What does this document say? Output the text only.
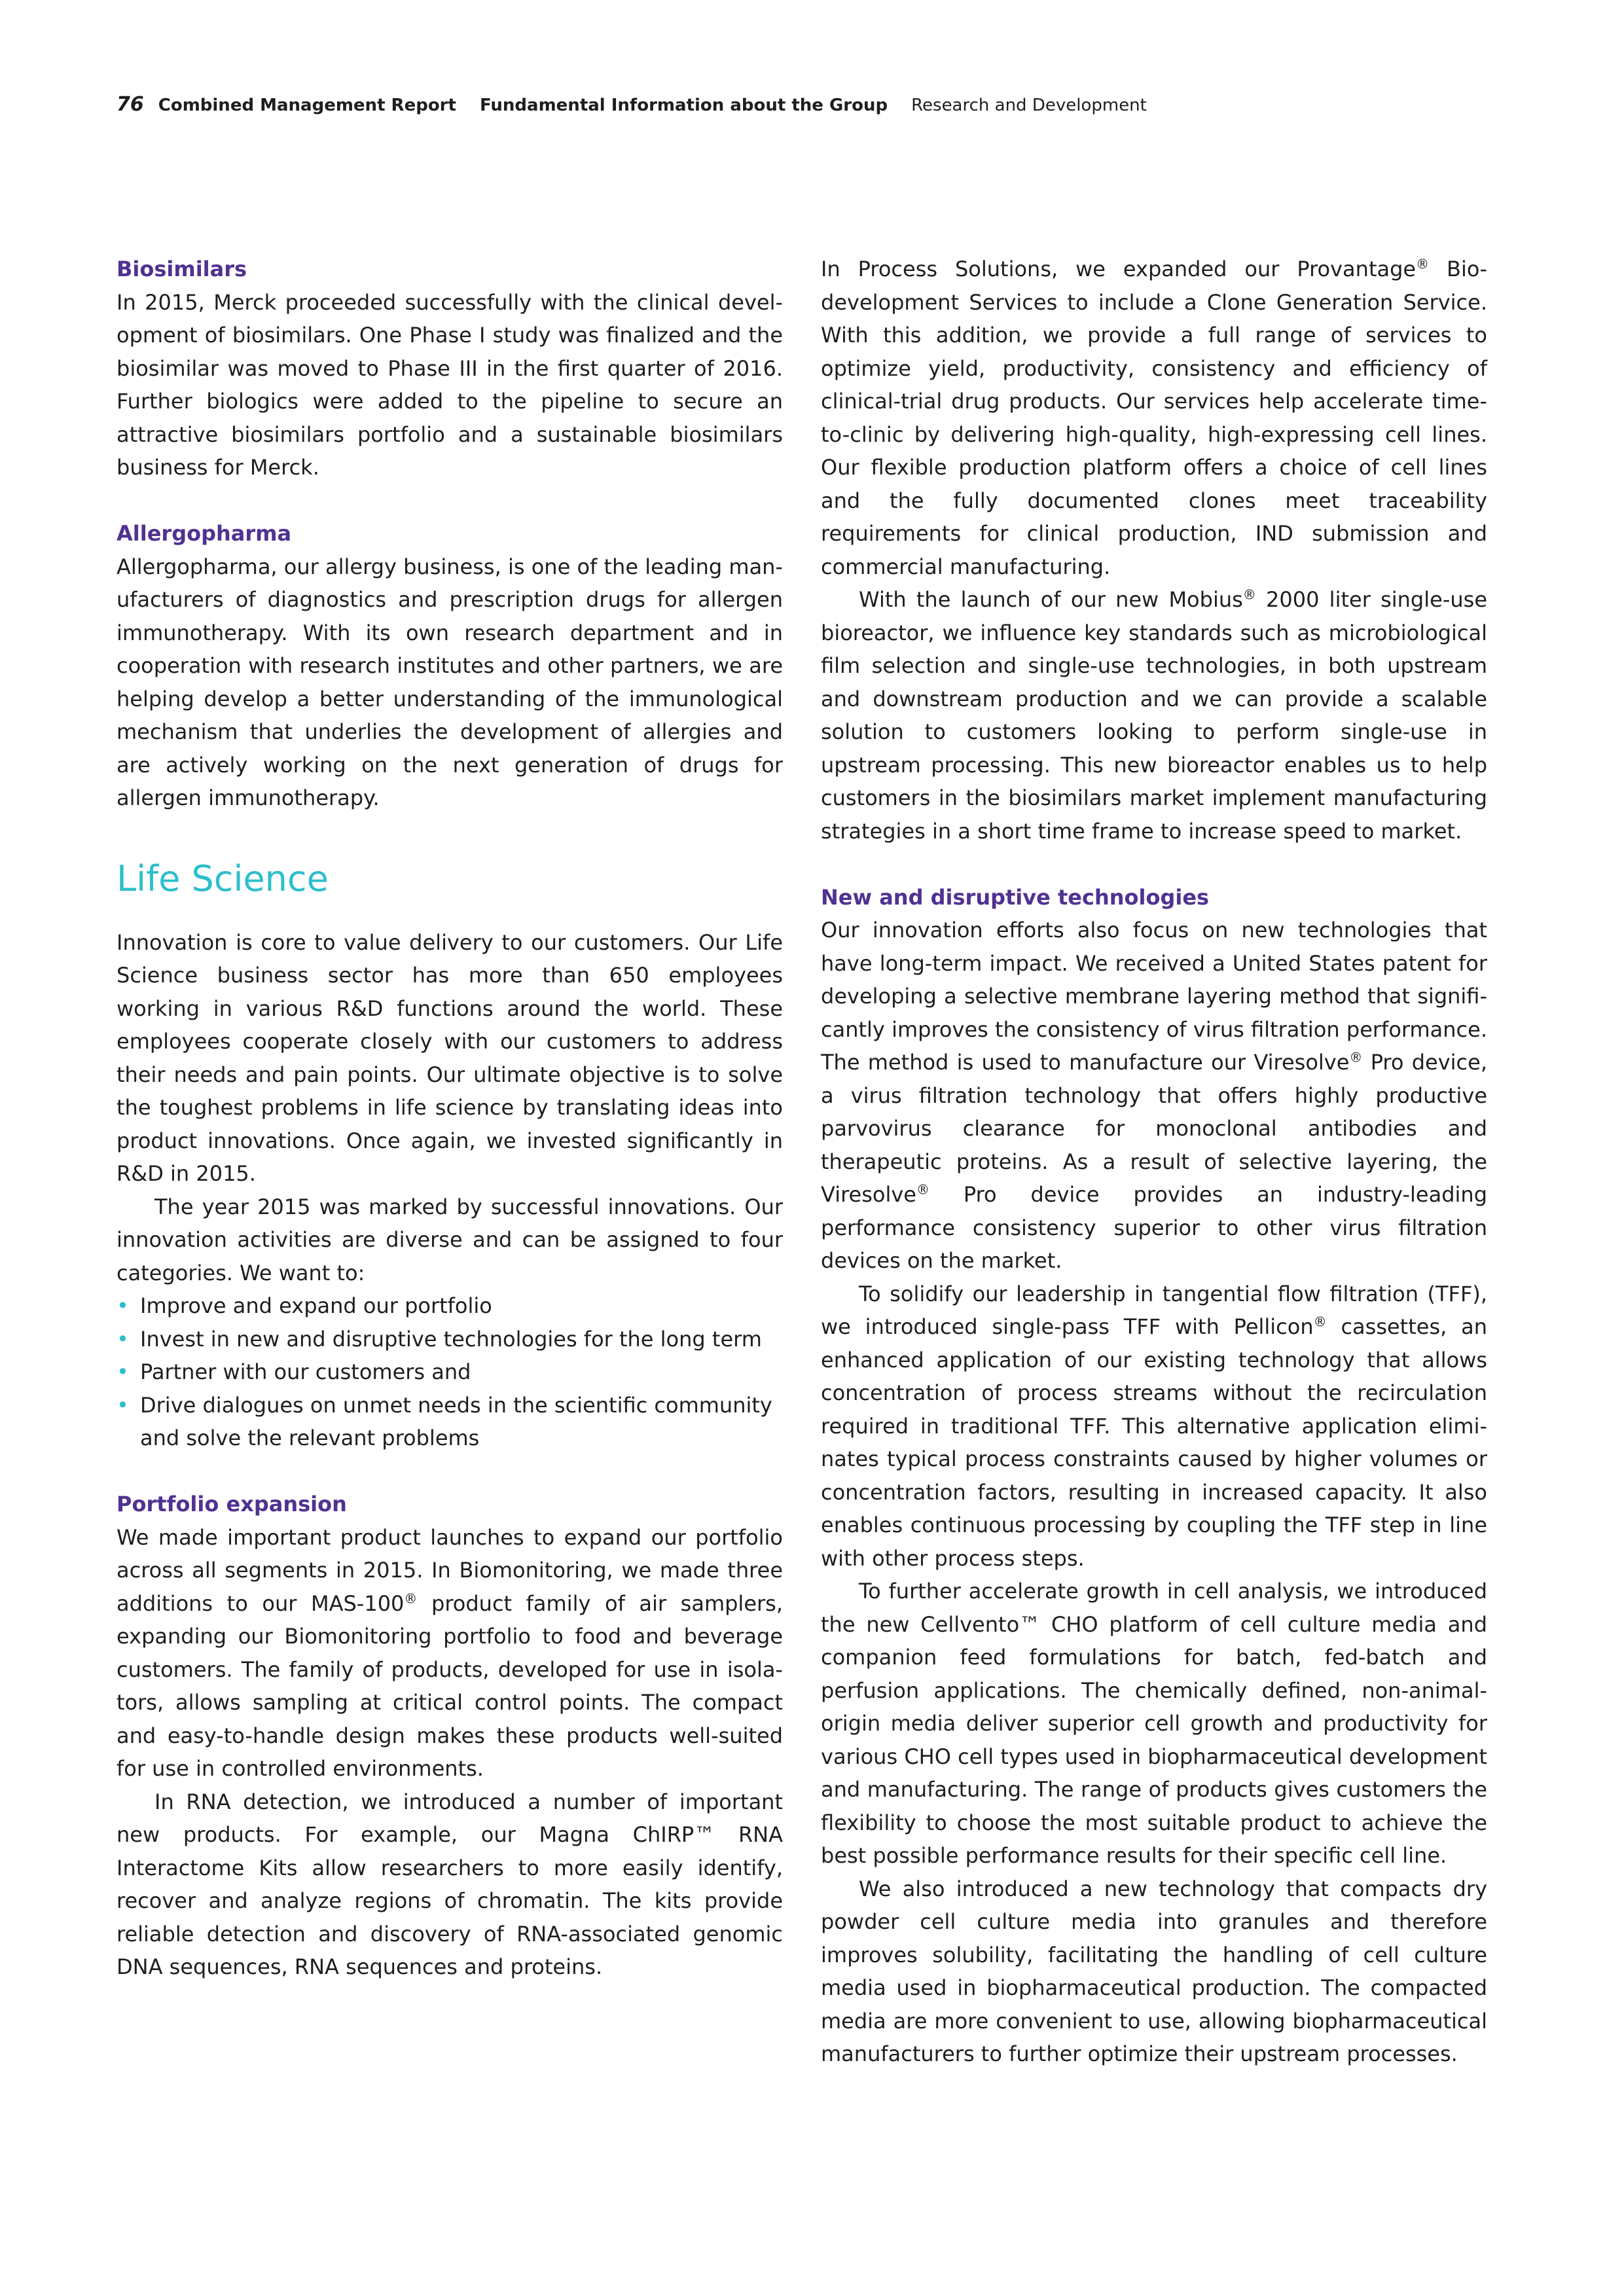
76 Combined Management Report Fundamental Information about the Group Research and Development
Biosimilars

In 2015, Merck proceeded successfully with the clinical development of biosimilars. One Phase I study was finalized and the biosimilar was moved to Phase III in the first quarter of 2016. Further biologics were added to the pipeline to secure an attractive biosimilars portfolio and a sustainable biosimilars business for Merck.

Allergopharma

Allergopharma, our allergy business, is one of the leading manufacturers of diagnostics and prescription drugs for allergen immunotherapy. With its own research department and in cooperation with research institutes and other partners, we are helping develop a better understanding of the immunological mechanism that underlies the development of allergies and are actively working on the next generation of drugs for allergen immunotherapy.

Life Science

Innovation is core to value delivery to our customers. Our Life Science business sector has more than 650 employees working in various R&D functions around the world. These employees cooperate closely with our customers to address their needs and pain points. Our ultimate objective is to solve the toughest problems in life science by translating ideas into product innovations. Once again, we invested significantly in R&D in 2015.

The year 2015 was marked by successful innovations. Our innovation activities are diverse and can be assigned to four categories. We want to:

• Improve and expand our portfolio
• Invest in new and disruptive technologies for the long term
• Partner with our customers and
• Drive dialogues on unmet needs in the scientific community and solve the relevant problems
Portfolio expansion

We made important product launches to expand our portfolio across all segments in 2015. In Biomonitoring, we made three additions to our MAS-100® product family of air samplers, expanding our Biomonitoring portfolio to food and beverage customers. The family of products, developed for use in isolators, allows sampling at critical control points. The compact and easy-to-handle design makes these products well-suited for use in controlled environments.

In RNA detection, we introduced a number of important new products. For example, our Magna ChIRP™ RNA Interactome Kits allow researchers to more easily identify, recover and analyze regions of chromatin. The kits provide reliable detection and discovery of RNA-associated genomic DNA sequences, RNA sequences and proteins.

In Process Solutions, we expanded our Provantage® Biodevelopment Services to include a Clone Generation Service. With this addition, we provide a full range of services to optimize yield, productivity, consistency and efficiency of clinical-trial drug products. Our services help accelerate time-to-clinic by delivering high-quality, high-expressing cell lines. Our flexible production platform offers a choice of cell lines and the fully documented clones meet traceability requirements for clinical production, IND submission and commercial manufacturing.

With the launch of our new Mobius® 2000 liter single-use bioreactor, we influence key standards such as microbiological film selection and single-use technologies, in both upstream and downstream production and we can provide a scalable solution to customers looking to perform single-use in upstream processing. This new bioreactor enables us to help customers in the biosimilars market implement manufacturing strategies in a short time frame to increase speed to market.

New and disruptive technologies

Our innovation efforts also focus on new technologies that have long-term impact. We received a United States patent for developing a selective membrane layering method that significantly improves the consistency of virus filtration performance. The method is used to manufacture our Viresolve® Pro device, a virus filtration technology that offers highly productive parvovirus clearance for monoclonal antibodies and therapeutic proteins. As a result of selective layering, the Viresolve® Pro device provides an industry-leading performance consistency superior to other virus filtration devices on the market.

To solidify our leadership in tangential flow filtration (TFF), we introduced single-pass TFF with Pellicon® cassettes, an enhanced application of our existing technology that allows concentration of process streams without the recirculation required in traditional TFF. This alternative application eliminates typical process constraints caused by higher volumes or concentration factors, resulting in increased capacity. It also enables continuous processing by coupling the TFF step in line with other process steps.

To further accelerate growth in cell analysis, we introduced the new Cellvento™ CHO platform of cell culture media and companion feed formulations for batch, fed-batch and perfusion applications. The chemically defined, non-animal-origin media deliver superior cell growth and productivity for various CHO cell types used in biopharmaceutical development and manufacturing. The range of products gives customers the flexibility to choose the most suitable product to achieve the best possible performance results for their specific cell line.

We also introduced a new technology that compacts dry powder cell culture media into granules and therefore improves solubility, facilitating the handling of cell culture media used in biopharmaceutical production. The compacted media are more convenient to use, allowing biopharmaceutical manufacturers to further optimize their upstream processes.
